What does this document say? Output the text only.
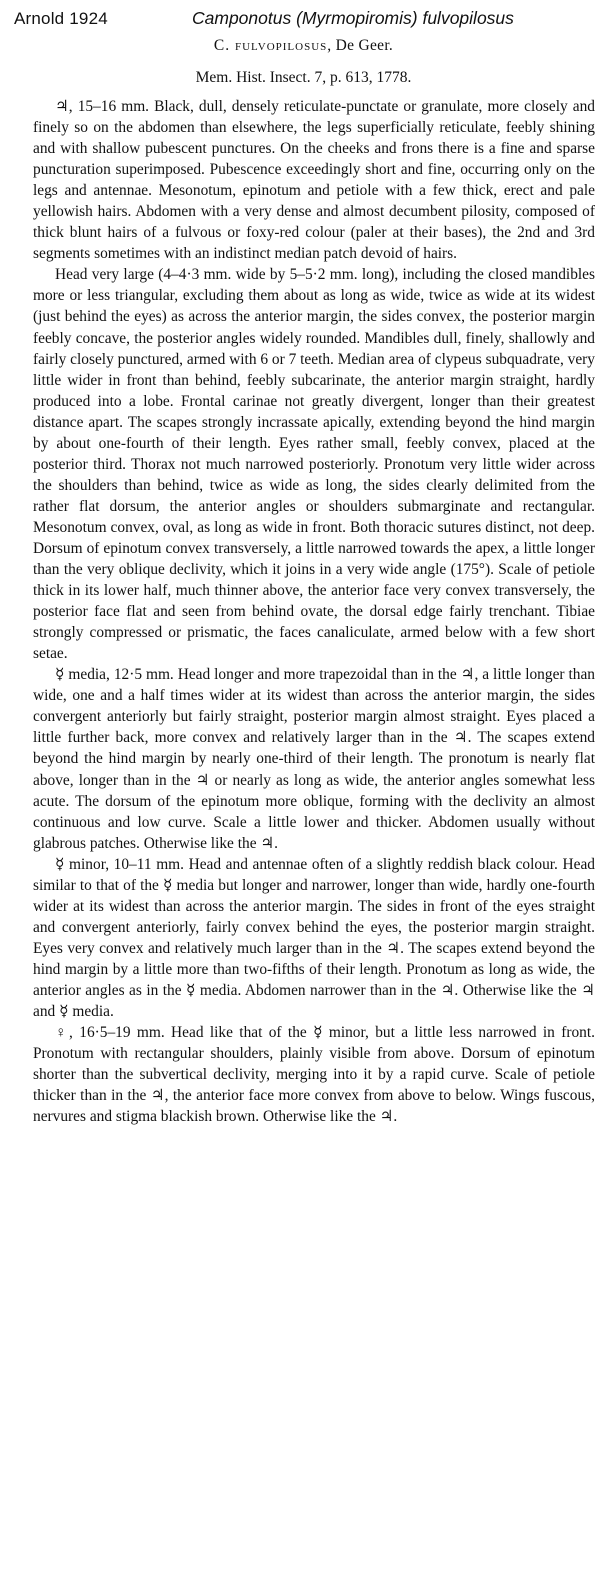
Arnold 1924	Camponotus (Myrmopiromis) fulvopilosus
C. fulvopilosus, De Geer.
Mem. Hist. Insect. 7, p. 613, 1778.

♃, 15–16 mm. Black, dull, densely reticulate-punctate or granulate, more closely and finely so on the abdomen than elsewhere, the legs superficially reticulate, feebly shining and with shallow pubescent punctures. On the cheeks and frons there is a fine and sparse puncturation superimposed. Pubescence exceedingly short and fine, occurring only on the legs and antennae. Mesonotum, epinotum and petiole with a few thick, erect and pale yellowish hairs. Abdomen with a very dense and almost decumbent pilosity, composed of thick blunt hairs of a fulvous or foxy-red colour (paler at their bases), the 2nd and 3rd segments sometimes with an indistinct median patch devoid of hairs.

Head very large (4–4·3 mm. wide by 5–5·2 mm. long), including the closed mandibles more or less triangular, excluding them about as long as wide, twice as wide at its widest (just behind the eyes) as across the anterior margin, the sides convex, the posterior margin feebly concave, the posterior angles widely rounded. Mandibles dull, finely, shallowly and fairly closely punctured, armed with 6 or 7 teeth. Median area of clypeus subquadrate, very little wider in front than behind, feebly subcarinate, the anterior margin straight, hardly produced into a lobe. Frontal carinae not greatly divergent, longer than their greatest distance apart. The scapes strongly incrassate apically, extending beyond the hind margin by about one-fourth of their length. Eyes rather small, feebly convex, placed at the posterior third. Thorax not much narrowed posteriorly. Pronotum very little wider across the shoulders than behind, twice as wide as long, the sides clearly delimited from the rather flat dorsum, the anterior angles or shoulders submarginate and rectangular. Mesonotum convex, oval, as long as wide in front. Both thoracic sutures distinct, not deep. Dorsum of epinotum convex transversely, a little narrowed towards the apex, a little longer than the very oblique declivity, which it joins in a very wide angle (175°). Scale of petiole thick in its lower half, much thinner above, the anterior face very convex transversely, the posterior face flat and seen from behind ovate, the dorsal edge fairly trenchant. Tibiae strongly compressed or prismatic, the faces canaliculate, armed below with a few short setae.

☿ media, 12·5 mm. Head longer and more trapezoidal than in the ♃, a little longer than wide, one and a half times wider at its widest than across the anterior margin, the sides convergent anteriorly but fairly straight, posterior margin almost straight. Eyes placed a little further back, more convex and relatively larger than in the ♃. The scapes extend beyond the hind margin by nearly one-third of their length. The pronotum is nearly flat above, longer than in the ♃ or nearly as long as wide, the anterior angles somewhat less acute. The dorsum of the epinotum more oblique, forming with the declivity an almost continuous and low curve. Scale a little lower and thicker. Abdomen usually without glabrous patches. Otherwise like the ♃.

☿ minor, 10–11 mm. Head and antennae often of a slightly reddish black colour. Head similar to that of the ☿ media but longer and narrower, longer than wide, hardly one-fourth wider at its widest than across the anterior margin. The sides in front of the eyes straight and convergent anteriorly, fairly convex behind the eyes, the posterior margin straight. Eyes very convex and relatively much larger than in the ♃. The scapes extend beyond the hind margin by a little more than two-fifths of their length. Pronotum as long as wide, the anterior angles as in the ☿ media. Abdomen narrower than in the ♃. Otherwise like the ♃ and ☿ media.

♀, 16·5–19 mm. Head like that of the ☿ minor, but a little less narrowed in front. Pronotum with rectangular shoulders, plainly visible from above. Dorsum of epinotum shorter than the subvertical declivity, merging into it by a rapid curve. Scale of petiole thicker than in the ♃, the anterior face more convex from above to below. Wings fuscous, nervures and stigma blackish brown. Otherwise like the ♃.
